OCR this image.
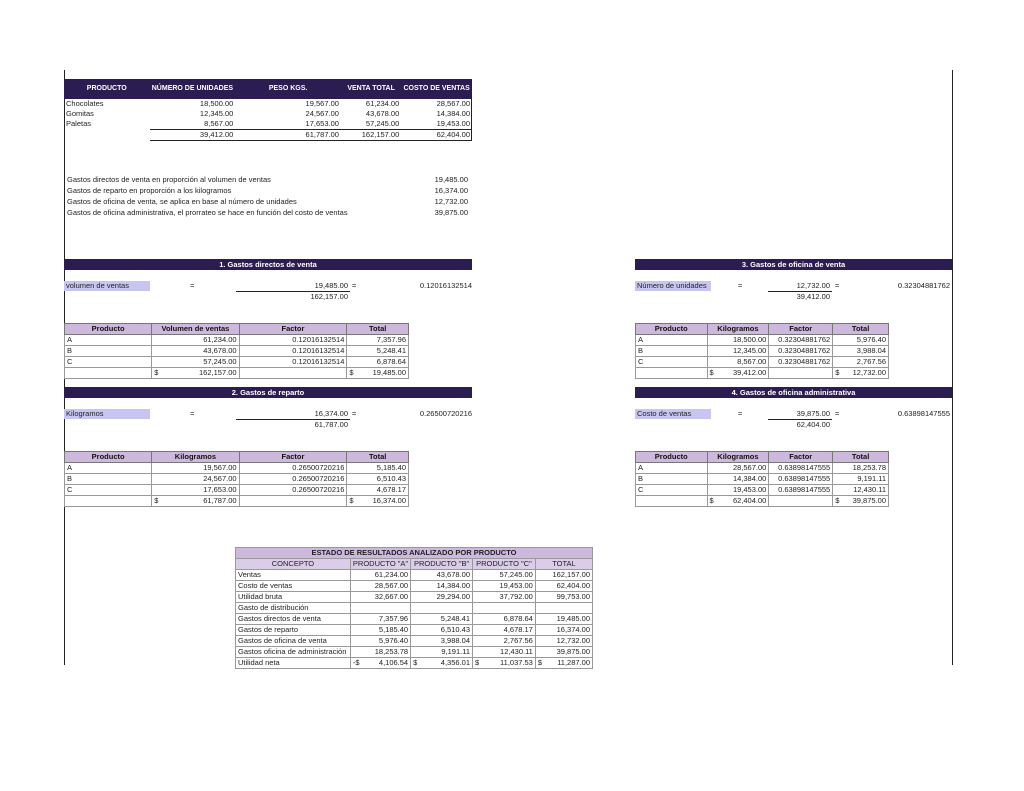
PRODUCTO	NÚMERO DE UNIDADES	PESO KGS.	VENTA TOTAL	COSTO DE VENTAS
Chocolates	18,500.00	19,567.00	61,234.00	28,567.00
Gomitas	12,345.00	24,567.00	43,678.00	14,384.00
Paletas	8,567.00	17,653.00	57,245.00	19,453.00
	39,412.00	61,787.00	162,157.00	62,404.00
Gastos directos de venta en proporción al volumen de ventas	19,485.00
Gastos de reparto en proporción a los kilogramos	16,374.00
Gastos de oficina de venta, se aplica en base al número de unidades	12,732.00
Gastos de oficina administrativa, el prorrateo se hace en función del costo de ventas	39,875.00
1. Gastos directos de venta
volumen de ventas	=	19,485.00 =
162,157.00
0.12016132514
Producto	Volumen de ventas	Factor	Total
A	61,234.00	0.12016132514	7,357.96
B	43,678.00	0.12016132514	5,248.41
C	57,245.00	0.12016132514	6,878.64
	$ 162,157.00		$ 19,485.00
2. Gastos de reparto
Kilogramos	=	16,374.00 =
61,787.00
0.26500720216
Producto	Kilogramos	Factor	Total
A	19,567.00	0.26500720216	5,185.40
B	24,567.00	0.26500720216	6,510.43
C	17,653.00	0.26500720216	4,678.17
	$ 61,787.00		$ 16,374.00
3. Gastos de oficina de venta
Número de unidades	=	12,732.00 =
39,412.00
0.32304881762
Producto	Kilogramos	Factor	Total
A	18,500.00	0.32304881762	5,976.40
B	12,345.00	0.32304881762	3,988.04
C	8,567.00	0.32304881762	2,767.56
	$ 39,412.00		$ 12,732.00
4. Gastos de oficina administrativa
Costo de ventas	=	39,875.00 =
62,404.00
0.63898147555
Producto	Kilogramos	Factor	Total
A	28,567.00	0.63898147555	18,253.78
B	14,384.00	0.63898147555	9,191.11
C	19,453.00	0.63898147555	12,430.11
	$ 62,404.00		$ 39,875.00
ESTADO DE RESULTADOS ANALIZADO POR PRODUCTO				
CONCEPTO	PRODUCTO "A"	PRODUCTO "B"	PRODUCTO "C"	TOTAL
Ventas	61,234.00	43,678.00	57,245.00	162,157.00
Costo de ventas	28,567.00	14,384.00	19,453.00	62,404.00
Utilidad bruta	32,667.00	29,294.00	37,792.00	99,753.00
Gasto de distribución				
Gastos directos de venta	7,357.96	5,248.41	6,878.64	19,485.00
Gastos de reparto	5,185.40	6,510.43	4,678.17	16,374.00
Gastos de oficina de venta	5,976.40	3,988.04	2,767.56	12,732.00
Gastos oficina de administración	18,253.78	9,191.11	12,430.11	39,875.00
Utilidad neta	-$ 4,106.54	$ 4,356.01	$ 11,037.53	$ 11,287.00
